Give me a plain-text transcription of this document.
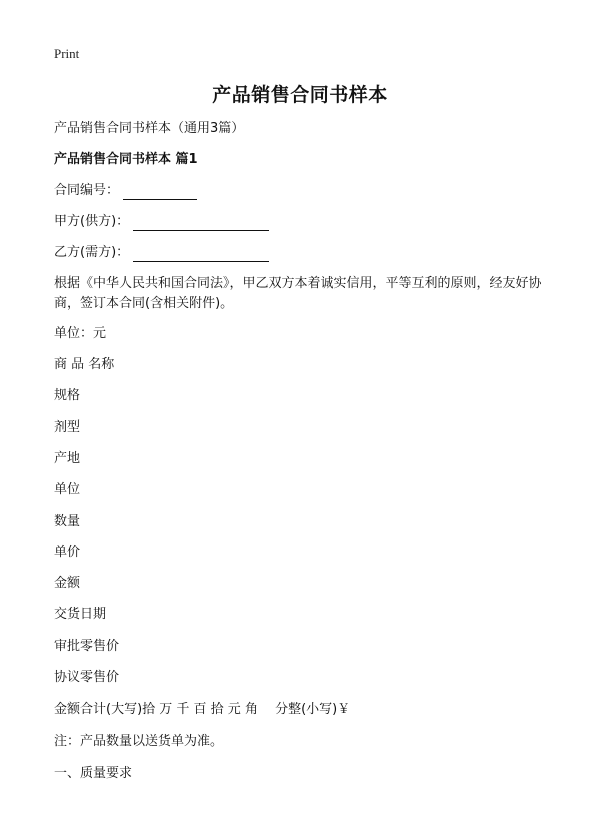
Print
产品销售合同书样本
产品销售合同书样本（通用3篇）
产品销售合同书样本 篇1
合同编号：
甲方(供方)：
乙方(需方)：
根据《中华人民共和国合同法》，甲乙双方本着诚实信用，平等互利的原则，经友好协商，签订本合同(含相关附件)。
单位：元
商 品 名称
规格
剂型
产地
单位
数量
单价
金额
交货日期
审批零售价
协议零售价
金额合计(大写)拾 万 千 百 拾 元 角　 分整(小写)￥
注：产品数量以送货单为准。
一、质量要求
